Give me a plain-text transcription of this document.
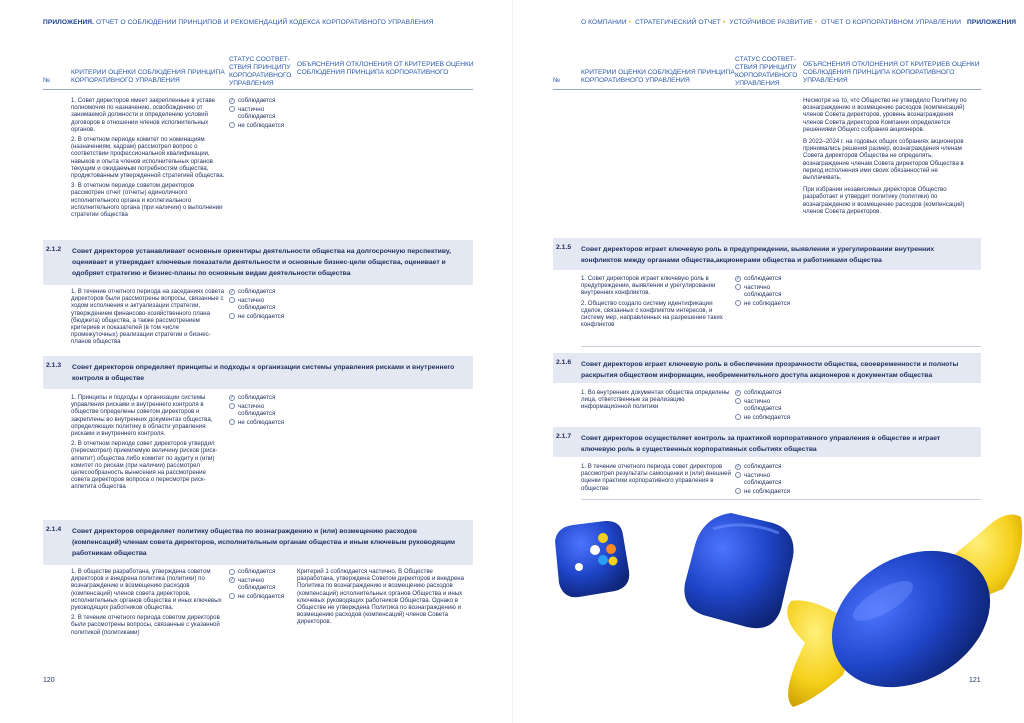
ПРИЛОЖЕНИЯ. ОТЧЕТ О СОБЛЮДЕНИИ ПРИНЦИПОВ И РЕКОМЕНДАЦИЙ КОДЕКСА КОРПОРАТИВНОГО УПРАВЛЕНИЯ
№
КРИТЕРИИ ОЦЕНКИ СОБЛЮДЕНИЯ ПРИНЦИПА КОРПОРАТИВНОГО УПРАВЛЕНИЯ
СТАТУС СООТВЕТ-СТВИЯ ПРИНЦИПУ КОРПОРАТИВНОГО УПРАВЛЕНИЯ
ОБЪЯСНЕНИЯ ОТКЛОНЕНИЯ ОТ КРИТЕРИЕВ ОЦЕНКИ СОБЛЮДЕНИЯ ПРИНЦИПА КОРПОРАТИВНОГО

1. Совет директоров имеет закрепленные в уставе полномочия по назначению, освобождению от занимаемой должности и определению условий договоров в отношении членов исполнительных органов.

2. В отчетном периоде комитет по номинациям (назначениям, кадрам) рассмотрел вопрос о соответствии профессиональной квалификации, навыков и опыта членов исполнительных органов текущим и ожидаемым потребностям общества, продиктованным утвержденной стратегией общества.

3. В отчетном периоде советом директоров рассмотрен отчет (отчеты) единоличного исполнительного органа и коллегиального исполнительного органа (при наличии) о выполнении стратегии общества

✓ соблюдается
частично соблюдается
не соблюдается
2.1.2 Совет директоров устанавливает основные ориентиры деятельности общества на долгосрочную перспективу, оценивает и утверждает ключевые показатели деятельности и основные бизнес-цели общества, оценивает и одобряет стратегию и бизнес-планы по основным видам деятельности общества

1. В течение отчетного периода на заседаниях совета директоров были рассмотрены вопросы, связанные с ходом исполнения и актуализации стратегии, утверждением финансово-хозяйственного плана (бюджета) общества, а также рассмотрением критериев и показателей (в том числе промежуточных) реализации стратегии и бизнес-планов общества

✓ соблюдается
частично соблюдается
не соблюдается
2.1.3 Совет директоров определяет принципы и подходы к организации системы управления рисками и внутреннего контроля в обществе

1. Принципы и подходы к организации системы управления рисками и внутреннего контроля в обществе определены советом директоров и закреплены во внутренних документах общества, определяющих политику в области управления рисками и внутреннего контроля.

2. В отчетном периоде совет директоров утвердил (пересмотрел) приемлемую величину рисков (риск-аппетит) общества либо комитет по аудиту и (или) комитет по рискам (при наличии) рассмотрел целесообразность вынесения на рассмотрение совета директоров вопроса о пересмотре риск-аппетита общества

✓ соблюдается
частично соблюдается
не соблюдается
2.1.4 Совет директоров определяет политику общества по вознаграждению и (или) возмещению расходов (компенсаций) членам совета директоров, исполнительным органам общества и иным ключевым руководящим работникам общества

1. В обществе разработана, утверждена советом директоров и внедрена политика (политики) по вознаграждению и возмещению расходов (компенсаций) членов совета директоров, исполнительных органов общества и иных ключевых руководящих работников общества.

2. В течение отчетного периода советом директоров были рассмотрены вопросы, связанные с указанной политикой (политиками)

соблюдается
✓ частично соблюдается
не соблюдается
Критерий 1 соблюдается частично. В Обществе разработана, утверждена Советом директоров и внедрена Политика по вознаграждению и возмещению расходов (компенсаций) исполнительных органов Общества и иных ключевых руководящих работников Общества. Однако в Обществе не утверждена Политика по вознаграждению и возмещению расходов (компенсаций) членов Совета директоров.
120
О КОМПАНИИ • СТРАТЕГИЧЕСКИЙ ОТЧЕТ • УСТОЙЧИВОЕ РАЗВИТИЕ • ОТЧЕТ О КОРПОРАТИВНОМ УПРАВЛЕНИИ ПРИЛОЖЕНИЯ
№
КРИТЕРИИ ОЦЕНКИ СОБЛЮДЕНИЯ ПРИНЦИПА КОРПОРАТИВНОГО УПРАВЛЕНИЯ
СТАТУС СООТВЕТ-СТВИЯ ПРИНЦИПУ КОРПОРАТИВНОГО УПРАВЛЕНИЯ
ОБЪЯСНЕНИЯ ОТКЛОНЕНИЯ ОТ КРИТЕРИЕВ ОЦЕНКИ СОБЛЮДЕНИЯ ПРИНЦИПА КОРПОРАТИВНОГО УПРАВЛЕНИЯ

Несмотря на то, что Общество не утвердило Политику по вознаграждению и возмещению расходов (компенсаций) членов Совета директоров, уровень вознаграждения членов Совета директоров Компании определяется решениями Общего собрания акционеров.

В 2022–2024 г. на годовых общих собраниях акционеров принимались решения размер, вознаграждения членам Совета директоров Общества не определять, вознаграждение членам Совета директоров Общества в период исполнения ими своих обязанностей не выплачивать.

При избрании независимых директоров Общество разработает и утвердит политику (политики) по вознаграждению и возмещению расходов (компенсаций) членов Совета директоров.

2.1.5 Совет директоров играет ключевую роль в предупреждении, выявлении и урегулировании внутренних конфликтов между органами общества,акционерами общества и работниками общества

1. Совет директоров играет ключевую роль в предупреждении, выявлении и урегулировании внутренних конфликтов.

2. Общество создало систему идентификации сделок, связанных с конфликтом интересов, и систему мер, направленных на разрешение таких конфликтов

✓ соблюдается
частично соблюдается
не соблюдается
2.1.6 Совет директоров играет ключевую роль в обеспечении прозрачности общества, своевременности и полноты раскрытия обществом информации, необременительного доступа акционеров к документам общества

1. Во внутренних документах общества определены лица, ответственные за реализацию информационной политики

✓ соблюдается
частично соблюдается
не соблюдается
2.1.7 Совет директоров осуществляет контроль за практикой корпоративного управления в обществе и играет ключевую роль в существенных корпоративных событиях общества

1. В течение отчетного периода совет директоров рассмотрел результаты самооценки и (или) внешней оценки практики корпоративного управления в обществе

✓ соблюдается
частично соблюдается
не соблюдается
121
